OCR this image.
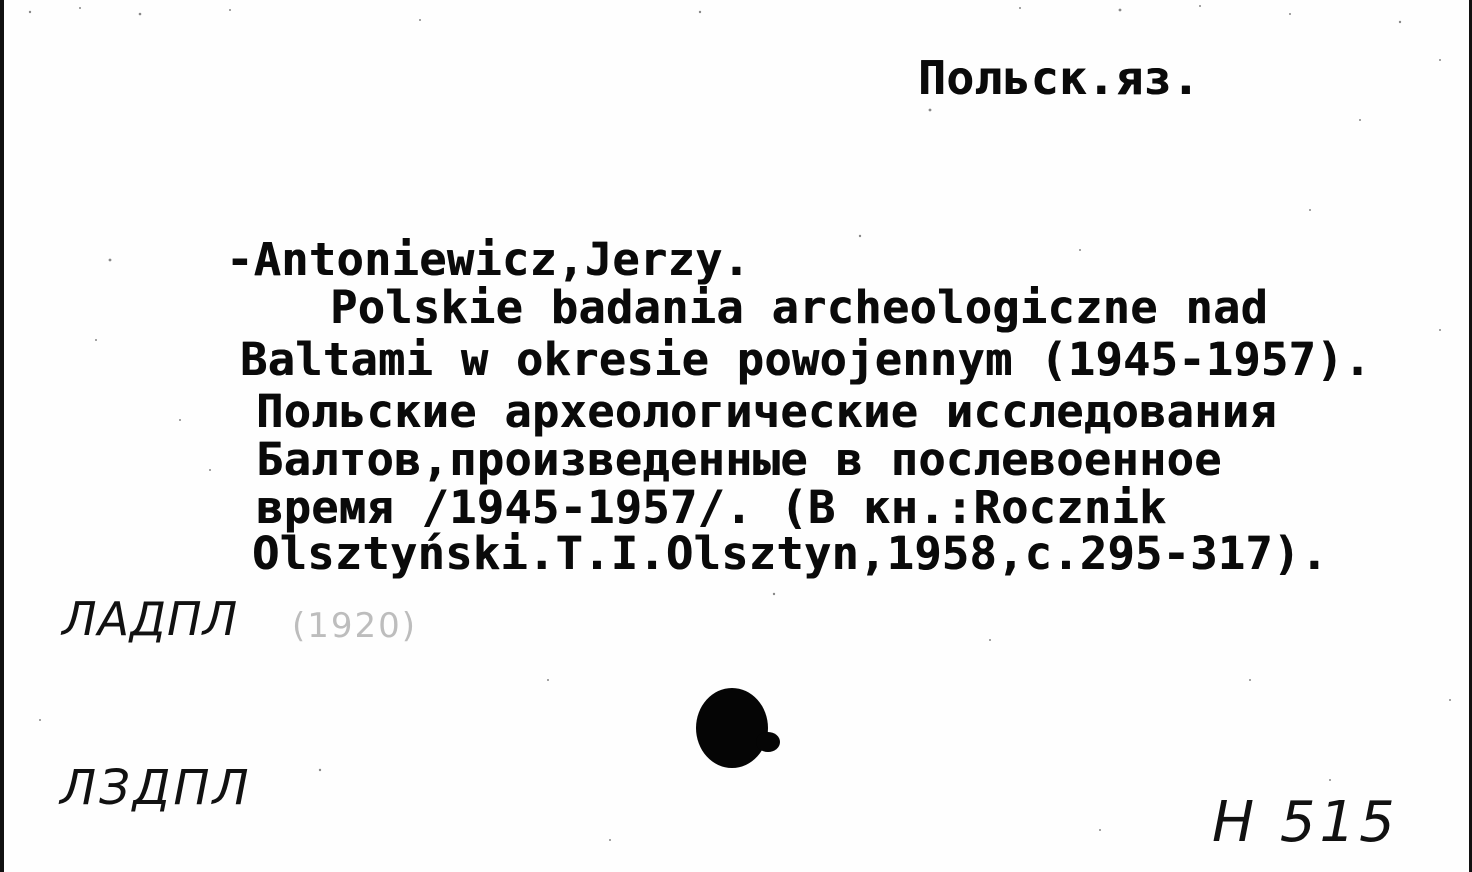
Польск.яз.
-Antoniewicz,Jerzy.
Polskie badania archeologiczne nad
Baltami w okresie powojennym (1945-1957).
Польские археологические исследования
Балтов,произведенные в послевоенное
время /1945-1957/. (В кн.:Rocznik
Olsztyński.Т.I.Olsztyn,1958,с.295-317).
ЛАДПЛ (1920)
ЛЗДПЛ
Н 515
